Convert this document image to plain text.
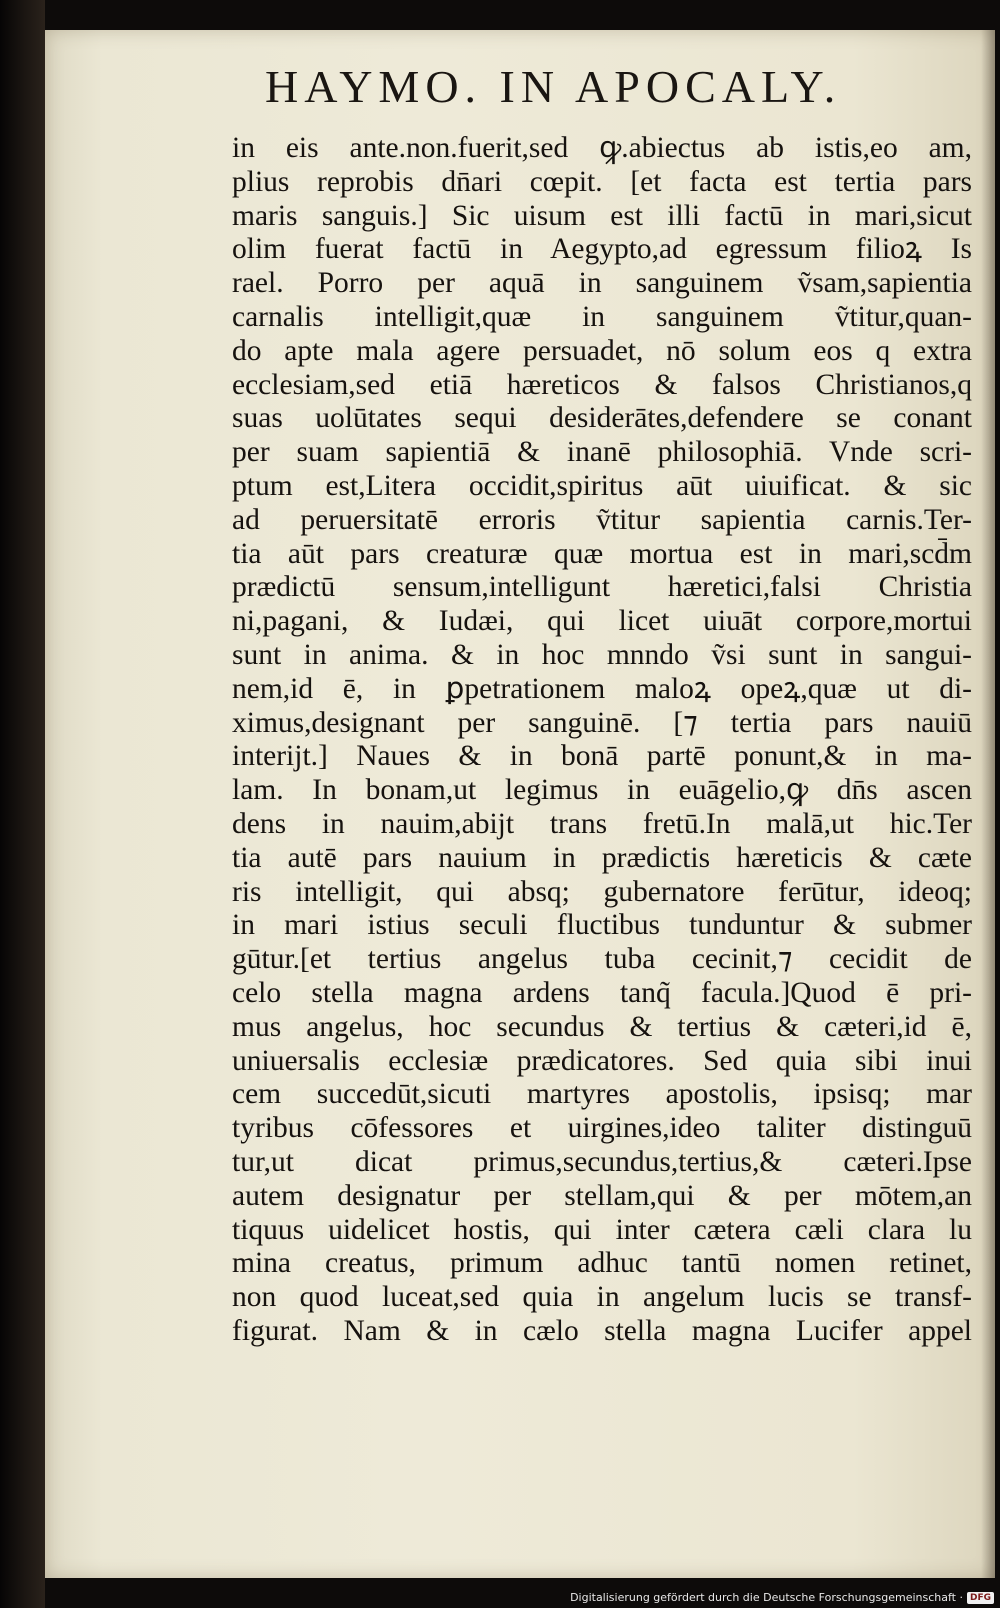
HAYMO. IN APOCALY.
in eis ante.non.fuerit,sed ꝙ.abiectus ab istis,eo am,
plius reprobis dn̄ari cœpit. [et facta est tertia pars
maris sanguis.] Sic uisum est illi factū in mari,sicut
olim fuerat factū in Aegypto,ad egressum filioꝝ Is
rael. Porro per aquā in sanguinem ṽsam,sapientia
carnalis intelligit,quæ in sanguinem ṽtitur,quan-
do apte mala agere persuadet, nō solum eos q extra
ecclesiam,sed etiā hæreticos & falsos Christianos,q
suas uolūtates sequi desiderātes,defendere se conant
per suam sapientiā & inanē philosophiā. Vnde scri-
ptum est,Litera occidit,spiritus aūt uiuificat. & sic
ad peruersitatē erroris ṽtitur sapientia carnis.Ter-
tia aūt pars creaturæ quæ mortua est in mari,scd̄m
prædictū sensum,intelligunt hæretici,falsi Christia
ni,pagani, & Iudæi, qui licet uiuāt corpore,mortui
sunt in anima. & in hoc mnndo ṽsi sunt in sangui-
nem,id ē, in ꝑpetrationem maloꝝ opeꝝ,quæ ut di-
ximus,designant per sanguinē. [⁊ tertia pars nauiū
interijt.] Naues & in bonā partē ponunt,& in ma-
lam. In bonam,ut legimus in euāgelio,ꝙ dn̄s ascen
dens in nauim,abijt trans fretū.In malā,ut hic.Ter
tia autē pars nauium in prædictis hæreticis & cæte
ris intelligit, qui absq; gubernatore ferūtur, ideoq;
in mari istius seculi fluctibus tunduntur & submer
gūtur.[et tertius angelus tuba cecinit,⁊ cecidit de
celo stella magna ardens tanq̃ facula.]Quod ē pri-
mus angelus, hoc secundus & tertius & cæteri,id ē,
uniuersalis ecclesiæ prædicatores. Sed quia sibi inui
cem succedūt,sicuti martyres apostolis, ipsisq; mar
tyribus cōfessores et uirgines,ideo taliter distinguū
tur,ut dicat primus,secundus,tertius,& cæteri.Ipse
autem designatur per stellam,qui & per mōtem,an
tiquus uidelicet hostis, qui inter cætera cæli clara lu
mina creatus, primum adhuc tantū nomen retinet,
non quod luceat,sed quia in angelum lucis se transf-
figurat. Nam & in cælo stella magna Lucifer appel
Digitalisierung gefördert durch die Deutsche Forschungsgemeinschaft · DFG
